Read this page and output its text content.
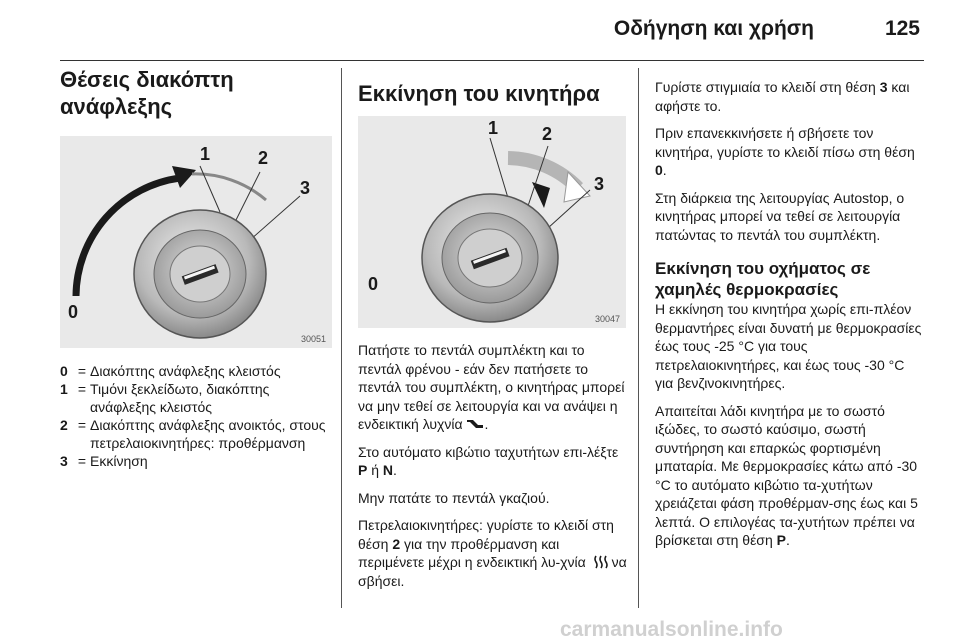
Οδήγηση και χρήση	125
Θέσεις διακόπτη ανάφλεξης
0
1	2
3
30051
0 = Διακόπτης ανάφλεξης κλειστός
1 = Τιμόνι ξεκλείδωτο, διακόπτης ανάφλεξης κλειστός
2 = Διακόπτης ανάφλεξης ανοικτός, στους πετρελαιοκινητήρες: προθέρμανση
3 = Εκκίνηση
Εκκίνηση του κινητήρα
0
1 2
3
30047

Πατήστε το πεντάλ συμπλέκτη και το πεντάλ φρένου - εάν δεν πατήσετε το πεντάλ του συμπλέκτη, ο κινητήρας μπορεί να μην τεθεί σε λειτουργία και να ανάψει η ενδεικτική λυχνία .

Στο αυτόματο κιβώτιο ταχυτήτων επι-λέξτε P ή N.

Μην πατάτε το πεντάλ γκαζιού.

Πετρελαιοκινητήρες: γυρίστε το κλειδί στη θέση 2 για την προθέρμανση και περιμένετε μέχρι η ενδεικτική λυ-χνία να σβήσει.

Γυρίστε στιγμιαία το κλειδί στη θέση 3 και αφήστε το.

Πριν επανεκκινήσετε ή σβήσετε τον κινητήρα, γυρίστε το κλειδί πίσω στη θέση 0.

Στη διάρκεια της λειτουργίας Autostop, ο κινητήρας μπορεί να τεθεί σε λειτουργία πατώντας το πεντάλ του συμπλέκτη.

Εκκίνηση του οχήματος σε χαμηλές θερμοκρασίες

Η εκκίνηση του κινητήρα χωρίς επι-πλέον θερμαντήρες είναι δυνατή με θερμοκρασίες έως τους -25 °C για τους πετρελαιοκινητήρες, και έως τους -30 °C για βενζινοκινητήρες.

Απαιτείται λάδι κινητήρα με το σωστό ιξώδες, το σωστό καύσιμο, σωστή συντήρηση και επαρκώς φορτισμένη μπαταρία. Με θερμοκρασίες κάτω από -30 °C το αυτόματο κιβώτιο τα-χυτήτων χρειάζεται φάση προθέρμαν-σης έως και 5 λεπτά. Ο επιλογέας τα-χυτήτων πρέπει να βρίσκεται στη θέση P.

carmanualsonline.info
